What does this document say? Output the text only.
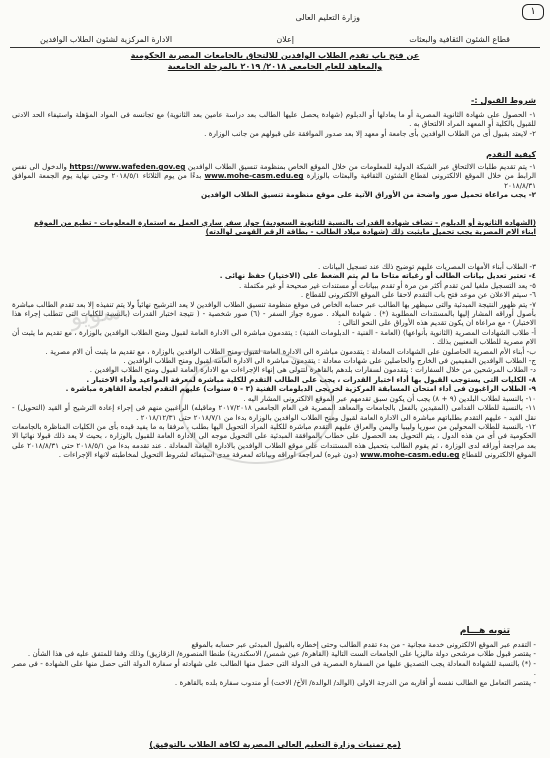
١
وزارة التعليم العالى
قطاع الشئون الثقافية والبعثات
إعلان
الادارة المركزية لشئون الطلاب الوافدين
عن فتح باب تقدم الطلاب الوافدين للالتحاق بالجامعات المصرية الحكومية
والمعاهد للعام الجامعى ٢٠١٨/ ٢٠١٩ بالمرحلة الجامعية
شروط القبول :-

١- الحصول على شهادة الثانوية المصرية أو ما يعادلها أو الدبلوم (شهادة يحصل عليها الطالب بعد دراسة عامين بعد الثانوية) مع تجانسه فى المواد المؤهلة واستيفاء الحد الادنى للقبول بالكلية أو المعهد المراد الالتحاق به .

٢- لايعتد بقبول أى من الطلاب الوافدين بأى جامعة أو معهد إلا بعد صدور الموافقة على قبولهم من جانب الوزارة .

كيفية التقدم

١- يتم تقديم طلبات الالتحاق عبر الشبكة الدولية للمعلومات من خلال الموقع الخاص بمنظومة تنسيق الطلاب الوافدين https://www.wafeden.gov.eg والدخول الى نفس الرابط من خلال الموقع الالكترونى لقطاع الشئون الثقافية والبعثات بالوزارة www.mohe-casm.edu.eg بدءًا من يوم الثلاثاء ٢٠١٨/٥/١ وحتى نهاية يوم الجمعة الموافق ٢٠١٨/٨/٣١

٢- يجب مراعاة تحميل صور واضحة من الأوراق الآتية على موقع منظومة تنسيق الطلاب الوافدين

(الشهادة الثانوية أو الدبلوم - تضاف شهادة القدرات بالنسبة للثانوية السعودية) جواز سفر ساري العمل به استمارة المعلومات - تطبع من الموقع

ابناء الام المصرية يجب تحميل مايثبت ذلك (شهادة ميلاد الطالب - بطاقة الرقم القومى لوالدته)

٣- الطلاب أبناء الأمهات المصريات عليهم توضيح ذلك عند تسجيل البيانات .

٤- تعتبر تعديل بيانات الطالب أو رغباته متاحا ما لم يتم الضغط على (الاختيار) حفظ نهائى .

٥- يعد التسجيل ملغيا لمن تقدم أكثر من مرة أو تقدم ببيانات أو مستندات غير صحيحة أو غير مكتملة .

٦- سيتم الاعلان عن موعد فتح باب التقدم لاحقا على الموقع الالكترونى للقطاع .

٧- يتم ظهور النتيجة المبدئية والتى سيظهر بها الطالب عبر حسابه الخاص فى موقع منظومة تنسيق الطلاب الوافدين لا يعد الترشيح نهائياً ولا يتم تنفيذه إلا بعد تقدم الطالب مباشرة بأصول أوراقه المشار إليها بالمستندات المطلوبة (*) . شهادة الميلاد . صورة جواز السفر - (٦) صور شخصية - ( نتيجة اختبار القدرات (بالنسبة للكليات التى تتطلب إجراء هذا الاختبار) - مع مراعاة ان يكون تقديم هذه الأوراق على النحو التالى :

أ- طلاب الشهادات المصرية (الثانوية بأنواعها) (العامة - الفنية - الدبلومات الفنية) : يتقدمون مباشرة الى الادارة العامة لقبول ومنح الطلاب الوافدين بالوزارة ، مع تقديم ما يثبت أن الام مصرية للطلاب المعنيين بذلك .

ب- أبناء الأم المصرية الحاصلون على الشهادات المعادلة : يتقدمون مباشرة الى الادارة العامة لقبول ومنح الطلاب الوافدين بالوزارة ، مع تقديم ما يثبت أن الام مصرية .

ج- الطلاب الوافدين المقيمين فى الخارج والحاصلين على شهادات معادلة : يتقدمون مباشرة الى الادارة العامة لقبول ومنح الطلاب الوافدين .

د- الطلاب المرشحين من خلال السفارات : يتقدمون لسفارات بلدهم بالقاهرة لتتولى هى إنهاء الإجراءات مع الادارة العامة لقبول ومنح الطلاب الوافدين .

٨- الكليات التى يستوجب القبول بها أداء اختبار القدرات ، يجب على الطالب التقدم للكلية مباشرة لمعرفة المواعيد وأداء الاختبار .

٩- الطلاب الراغبون فى أداء امتحان المسابقة المركزية لخريجى الدبلومات الفنية (٣ - ٥ سنوات) عليهم التقدم لجامعة القاهرة مباشرة .

١٠- بالنسبة لطلاب البلدين (٩ + ٨) يجب أن يكون سبق تقدمهم عبر الموقع الالكترونى المشار اليه .

١١- بالنسبة للطلاب القدامى (المقيدين بالفعل بالجامعات والمعاهد المصرية فى العام الجامعى ٢٠١٧/٢٠١٨ وماقبله) الراغبين منهم فى إجراء إعادة الترشيح أو القيد (التحويل) - نقل القيد - عليهم التقدم بطلباتهم مباشرة الى الادارة العامة لقبول ومنح الطلاب الوافدين بالوزارة بدءا من ٢٠١٨/٧/١ حتى ٢٠١٨/١٢/٣١ .

١٢- بالنسبة للطلاب المحولين من سوريا وليبيا واليمن والعراق عليهم التقدم مباشرة للكلية المراد التحويل اليها بطلب ، مرفقا به ما يفيد قيده بأى من الكليات المناظرة بالجامعات الحكومية فى أى من هذه الدول ، يتم التحويل بعد الحصول على خطاب بالموافقة المبدئية على التحويل موجه الى الادارة العامة للقبول بالوزارة ، بحيث لا يعد ذلك قبولا نهائيا الا بعد مراجعة أوراقه لدى الوزارة ، ثم يقوم الطالب بتحميل هذه المستندات على موقع الطلاب الوافدين بالادارة العامة المعادلة . عند تقدمه بدءا من ٢٠١٨/٥/١ حتى ٢٠١٨/٨/٣١ على الموقع الالكترونى للقطاع www.mohe-casm.edu.eg (دون غيره) لمراجعة اوراقه وبياناته لمعرفة مدى استيفائه لشروط التحويل لمخاطبته لانهاء الإجراءات .

سويو
تنويه هـــام

- التقدم عبر الموقع الالكترونى خدمة مجانية - من بدء تقدم الطالب وحتى إخطاره بالقبول المبدئى عبر حسابه بالموقع

- يقتصر قبول طلاب مرشحى دولة ماليزيا على الجامعات الست التالية (القاهرة/ عين شمس/ الاسكندرية) طنطا المنصورة/ الزقازيق) وذلك وفقا للمتفق عليه فى هذا الشأن .

- (*) بالنسبة للشهادة المعادلة يجب التصديق عليها من السفارة المصرية فى الدولة التى حصل منها الطالب على شهادته أو سفارة الدولة التى حصل منها على الشهادة - فى مصر .

- يقتصر التعامل مع الطالب نفسه أو أقاربه من الدرجة الاولى (الوالد/ الوالدة/ الأخ/ الاخت) أو مندوب سفارة بلده بالقاهرة .

(مع تمنيات وزارة التعليم العالى المصرية لكافة الطلاب بالتوفيق)
